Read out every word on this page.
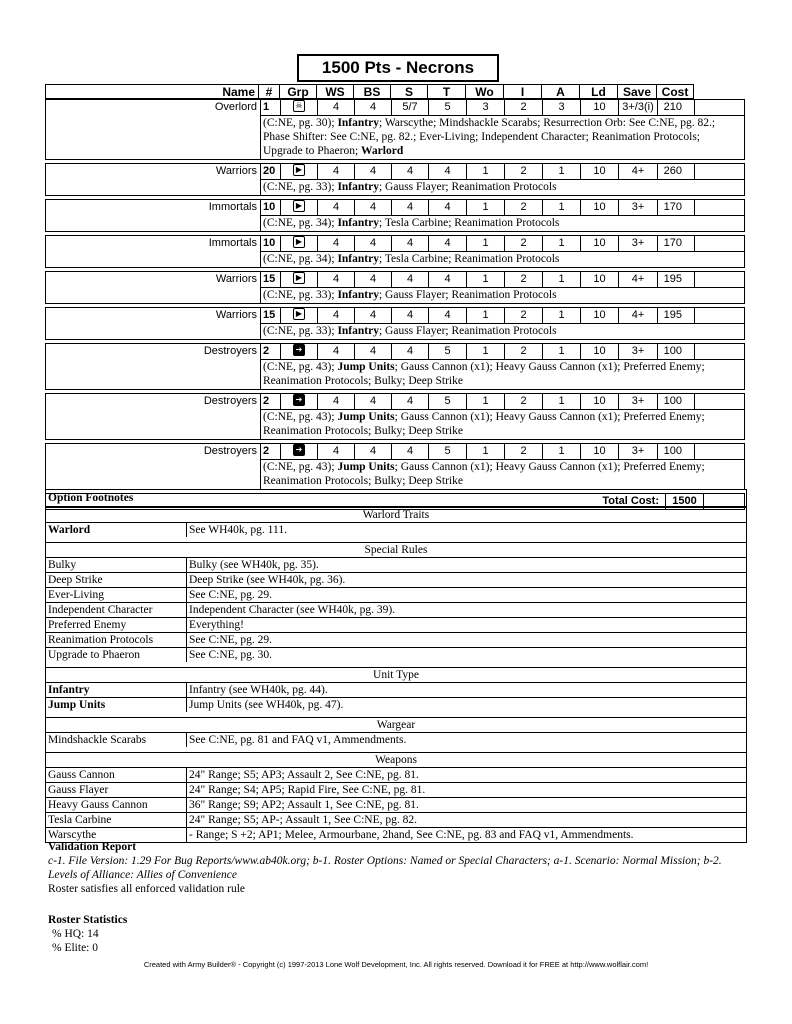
1500 Pts - Necrons
Name #	Grp	WS	BS	S	T	Wo	I	A	Ld	Save Cost
Overlord 1	☠	4	4	5/7	5	3	2	3	10	3+/3(i) 210
(C:NE, pg. 30); Infantry; Warscythe; Mindshackle Scarabs; Resurrection Orb: See C:NE, pg. 82.; Phase Shifter: See C:NE, pg. 82.; Ever-Living; Independent Character; Reanimation Protocols; Upgrade to Phaeron; Warlord
Warriors 20	▶	4	4	4	4	1	2	1	10	4+	260
(C:NE, pg. 33); Infantry; Gauss Flayer; Reanimation Protocols
Immortals 10	▶	4	4	4	4	1	2	1	10	3+	170
(C:NE, pg. 34); Infantry; Tesla Carbine; Reanimation Protocols
Immortals 10	▶	4	4	4	4	1	2	1	10	3+	170
(C:NE, pg. 34); Infantry; Tesla Carbine; Reanimation Protocols
Warriors 15	▶	4	4	4	4	1	2	1	10	4+	195
(C:NE, pg. 33); Infantry; Gauss Flayer; Reanimation Protocols
Warriors 15	▶	4	4	4	4	1	2	1	10	4+	195
(C:NE, pg. 33); Infantry; Gauss Flayer; Reanimation Protocols
Destroyers 2	➔	4	4	4	5	1	2	1	10	3+	100
(C:NE, pg. 43); Jump Units; Gauss Cannon (x1); Heavy Gauss Cannon (x1); Preferred Enemy; Reanimation Protocols; Bulky; Deep Strike
Destroyers 2	➔	4	4	4	5	1	2	1	10	3+	100
(C:NE, pg. 43); Jump Units; Gauss Cannon (x1); Heavy Gauss Cannon (x1); Preferred Enemy; Reanimation Protocols; Bulky; Deep Strike
Destroyers 2	➔	4	4	4	5	1	2	1	10	3+	100
(C:NE, pg. 43); Jump Units; Gauss Cannon (x1); Heavy Gauss Cannon (x1); Preferred Enemy; Reanimation Protocols; Bulky; Deep Strike
Total Cost:	1500
Option Footnotes
Warlord Traits
Warlord	See WH40k, pg. 111.
Special Rules
Bulky	Bulky (see WH40k, pg. 35).
Deep Strike	Deep Strike (see WH40k, pg. 36).
Ever-Living	See C:NE, pg. 29.
Independent Character	Independent Character (see WH40k, pg. 39).
Preferred Enemy	Everything!
Reanimation Protocols	See C:NE, pg. 29.
Upgrade to Phaeron	See C:NE, pg. 30.
Unit Type
Infantry	Infantry (see WH40k, pg. 44).
Jump Units	Jump Units (see WH40k, pg. 47).
Wargear
Mindshackle Scarabs	See C:NE, pg. 81 and FAQ v1, Ammendments.
Weapons
Gauss Cannon	24" Range; S5; AP3; Assault 2, See C:NE, pg. 81.
Gauss Flayer	24" Range; S4; AP5; Rapid Fire, See C:NE, pg. 81.
Heavy Gauss Cannon	36" Range; S9; AP2; Assault 1, See C:NE, pg. 81.
Tesla Carbine	24" Range; S5; AP-; Assault 1, See C:NE, pg. 82.
Warscythe	- Range; S +2; AP1; Melee, Armourbane, 2hand, See C:NE, pg. 83 and FAQ v1, Ammendments.
Validation Report
c-1. File Version: 1.29 For Bug Reports/www.ab40k.org; b-1. Roster Options: Named or Special Characters; a-1. Scenario: Normal Mission; b-2. Levels of Alliance: Allies of Convenience
Roster satisfies all enforced validation rule
Roster Statistics
% HQ: 14
% Elite: 0
Created with Army Builder® - Copyright (c) 1997-2013 Lone Wolf Development, Inc. All rights reserved. Download it for FREE at http://www.wolflair.com!
